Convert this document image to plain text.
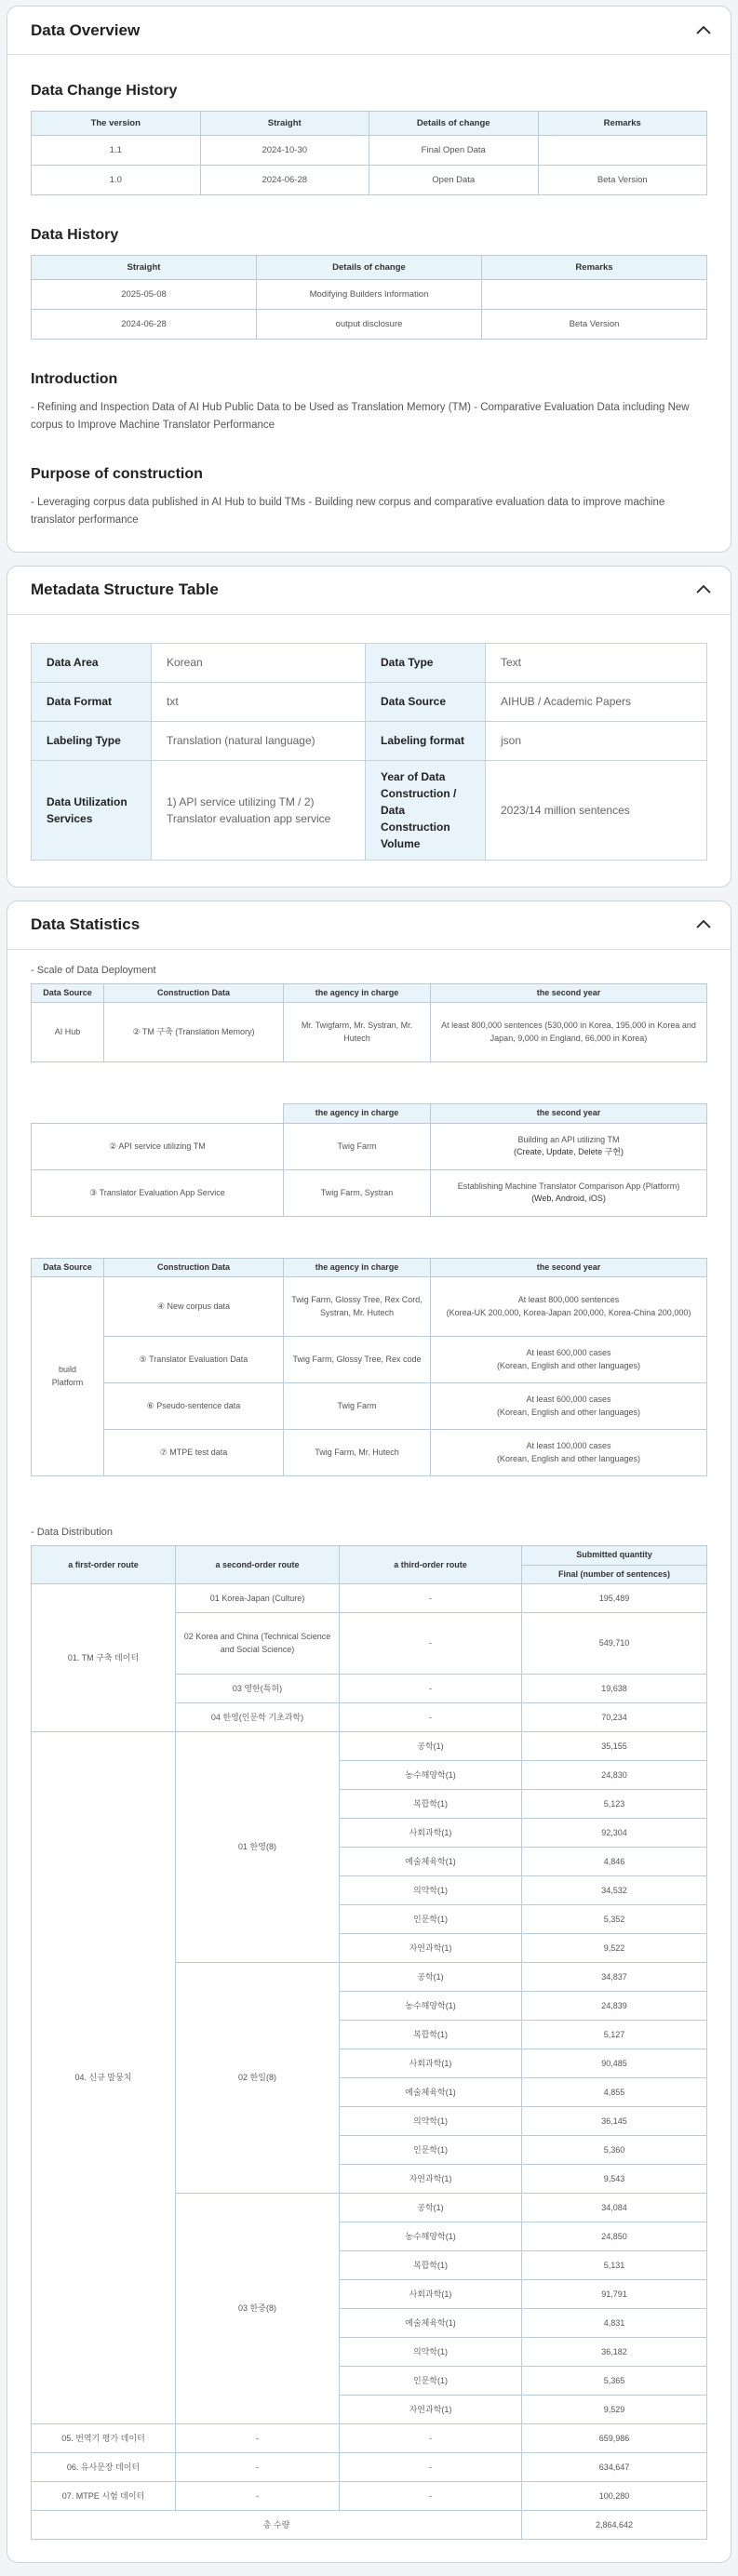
Data Overview
Data Change History
The version	Straight	Details of change	Remarks
1.1	2024-10-30	Final Open Data	
1.0	2024-06-28	Open Data	Beta Version
Data History
Straight	Details of change	Remarks
2025-05-08	Modifying Builders Information	
2024-06-28	output disclosure	Beta Version
Introduction

- Refining and Inspection Data of AI Hub Public Data to be Used as Translation Memory (TM) - Comparative Evaluation Data including New corpus to Improve Machine Translator Performance

Purpose of construction

- Leveraging corpus data published in AI Hub to build TMs - Building new corpus and comparative evaluation data to improve machine translator performance

Metadata Structure Table
Data Area	Korean	Data Type	Text
Data Format	txt	Data Source	AIHUB / Academic Papers
Labeling Type	Translation (natural language)	Labeling format	json
Data Utilization Services	1) API service utilizing TM / 2) Translator evaluation app service	Year of Data Construction / Data Construction Volume	2023/14 million sentences
Data Statistics
- Scale of Data Deployment
Data Source	Construction Data	the agency in charge	the second year
AI Hub	② TM 구축 (Translation Memory)	Mr. Twigfarm, Mr. Systran, Mr. Hutech	At least 800,000 sentences (530,000 in Korea, 195,000 in Korea and Japan, 9,000 in England, 66,000 in Korea)
	the agency in charge	the second year
② API service utilizing TM	Twig Farm	Building an API utilizing TM
(Create, Update, Delete 구현)

③ Translator Evaluation App Service	Twig Farm, Systran	Establishing Machine Translator Comparison App (Platform)
(Web, Android, iOS)
Data Source	Construction Data	the agency in charge	the second year
build Platform	④ New corpus data	Twig Farm, Glossy Tree, Rex Cord, Systran, Mr. Hutech	At least 800,000 sentences
(Korea-UK 200,000, Korea-Japan 200,000, Korea-China 200,000)

	⑤ Translator Evaluation Data	Twig Farm, Glossy Tree, Rex code	At least 600,000 cases
(Korean, English and other languages)

	⑥ Pseudo-sentence data	Twig Farm	At least 600,000 cases
(Korean, English and other languages)

	⑦ MTPE test data	Twig Farm, Mr. Hutech	At least 100,000 cases
(Korean, English and other languages)
- Data Distribution
a first-order route	a second-order route	a third-order route	Submitted quantity
			Final (number of sentences)
01. TM 구축 데이터	01 Korea-Japan (Culture)	-	195,489
	02 Korea and China (Technical Science and Social Science)	-	549,710
	03 영한(특허)	-	19,638
	04 한영(인문학 기초과학)	-	70,234
04. 신규 말뭉치	01 한영(8)	공학(1)	35,155
		농수해양학(1)	24,830
		복합학(1)	5,123
		사회과학(1)	92,304
		예술체육학(1)	4,846
		의약학(1)	34,532
		인문학(1)	5,352
		자연과학(1)	9,522
	02 한일(8)	공학(1)	34,837
		농수해양학(1)	24,839
		복합학(1)	5,127
		사회과학(1)	90,485
		예술체육학(1)	4,855
		의약학(1)	36,145
		인문학(1)	5,360
		자연과학(1)	9,543
	03 한중(8)	공학(1)	34,084
		농수해양학(1)	24,850
		복합학(1)	5,131
		사회과학(1)	91,791
		예술체육학(1)	4,831
		의약학(1)	36,182
		인문학(1)	5,365
		자연과학(1)	9,529
05. 번역기 평가 데이터	-	-	659,986
06. 유사문장 데이터	-	-	634,647
07. MTPE 시험 데이터	-	-	100,280
총 수량			2,864,642
